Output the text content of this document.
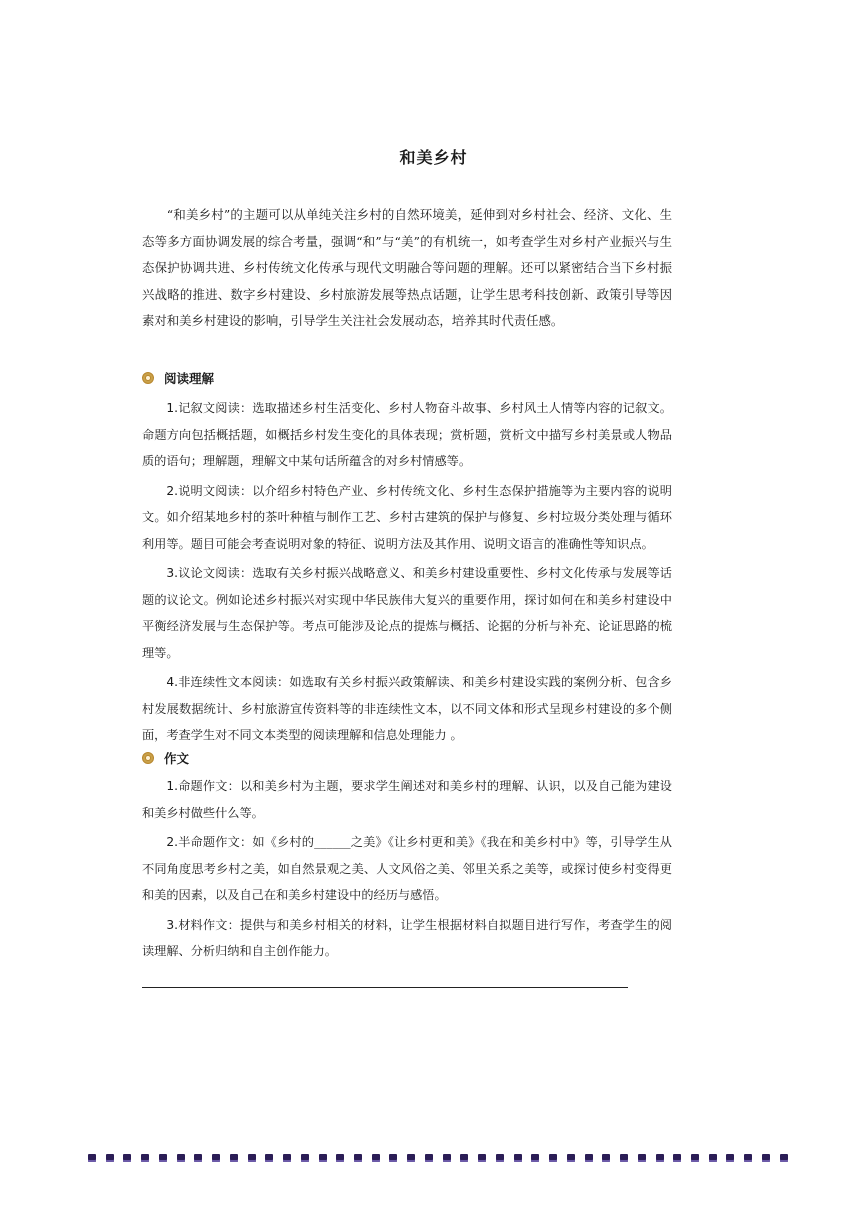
和美乡村

“和美乡村”的主题可以从单纯关注乡村的自然环境美，延伸到对乡村社会、经济、文化、生态等多方面协调发展的综合考量，强调“和”与“美”的有机统一，如考查学生对乡村产业振兴与生态保护协调共进、乡村传统文化传承与现代文明融合等问题的理解。还可以紧密结合当下乡村振兴战略的推进、数字乡村建设、乡村旅游发展等热点话题，让学生思考科技创新、政策引导等因素对和美乡村建设的影响，引导学生关注社会发展动态，培养其时代责任感。

阅读理解

1.记叙文阅读：选取描述乡村生活变化、乡村人物奋斗故事、乡村风土人情等内容的记叙文。命题方向包括概括题，如概括乡村发生变化的具体表现；赏析题，赏析文中描写乡村美景或人物品质的语句；理解题，理解文中某句话所蕴含的对乡村情感等。

2.说明文阅读：以介绍乡村特色产业、乡村传统文化、乡村生态保护措施等为主要内容的说明文。如介绍某地乡村的茶叶种植与制作工艺、乡村古建筑的保护与修复、乡村垃圾分类处理与循环利用等。题目可能会考查说明对象的特征、说明方法及其作用、说明文语言的准确性等知识点。

3.议论文阅读：选取有关乡村振兴战略意义、和美乡村建设重要性、乡村文化传承与发展等话题的议论文。例如论述乡村振兴对实现中华民族伟大复兴的重要作用，探讨如何在和美乡村建设中平衡经济发展与生态保护等。考点可能涉及论点的提炼与概括、论据的分析与补充、论证思路的梳理等。

4.非连续性文本阅读：如选取有关乡村振兴政策解读、和美乡村建设实践的案例分析、包含乡村发展数据统计、乡村旅游宣传资料等的非连续性文本，以不同文体和形式呈现乡村建设的多个侧面，考查学生对不同文本类型的阅读理解和信息处理能力 。

作文

1.命题作文：以和美乡村为主题，要求学生阐述对和美乡村的理解、认识，以及自己能为建设和美乡村做些什么等。

2.半命题作文：如《乡村的______之美》《让乡村更和美》《我在和美乡村中》等，引导学生从不同角度思考乡村之美，如自然景观之美、人文风俗之美、邻里关系之美等，或探讨使乡村变得更和美的因素，以及自己在和美乡村建设中的经历与感悟。

3.材料作文：提供与和美乡村相关的材料，让学生根据材料自拟题目进行写作，考查学生的阅读理解、分析归纳和自主创作能力。
